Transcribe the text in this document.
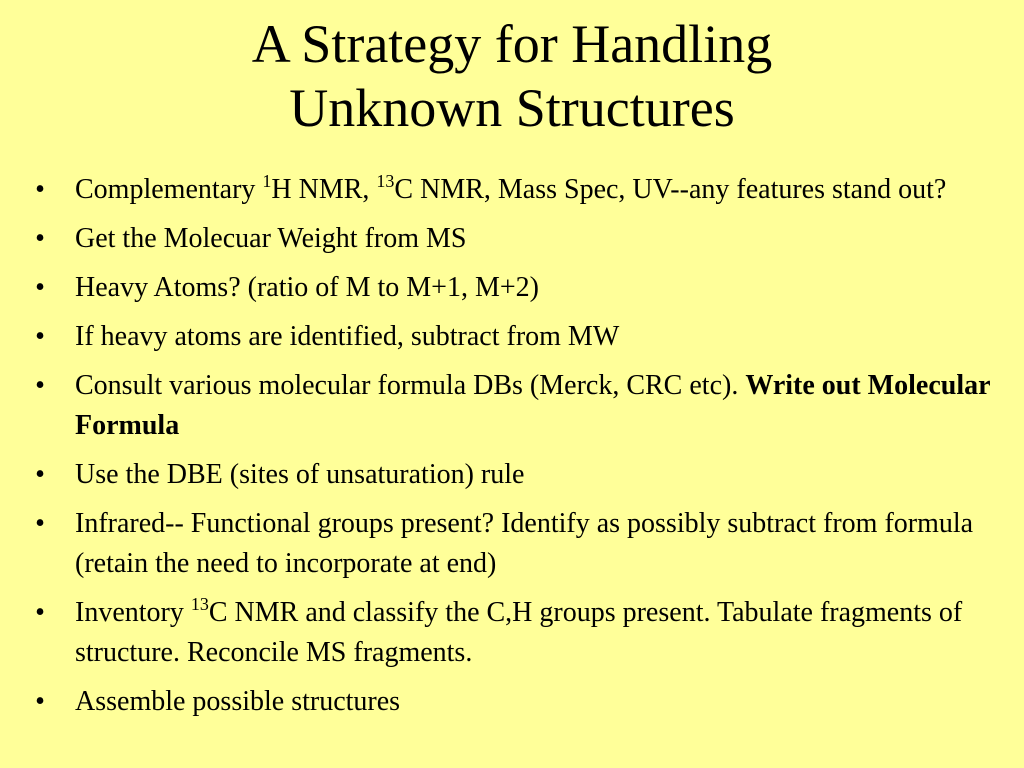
A Strategy for Handling
Unknown Structures
• Complementary $^1$H NMR, $^{13}$C NMR, Mass Spec, UV--any features stand out?
• Get the Molecuar Weight from MS
• Heavy Atoms? (ratio of M to M+1, M+2)
• If heavy atoms are identified, subtract from MW
• Consult various molecular formula DBs (Merck, CRC etc). Write out Molecular Formula
• Use the DBE (sites of unsaturation) rule
• Infrared-- Functional groups present? Identify as possibly subtract from formula (retain the need to incorporate at end)
• Inventory $^{13}$C NMR and classify the C,H groups present. Tabulate fragments of structure. Reconcile MS fragments.
• Assemble possible structures
